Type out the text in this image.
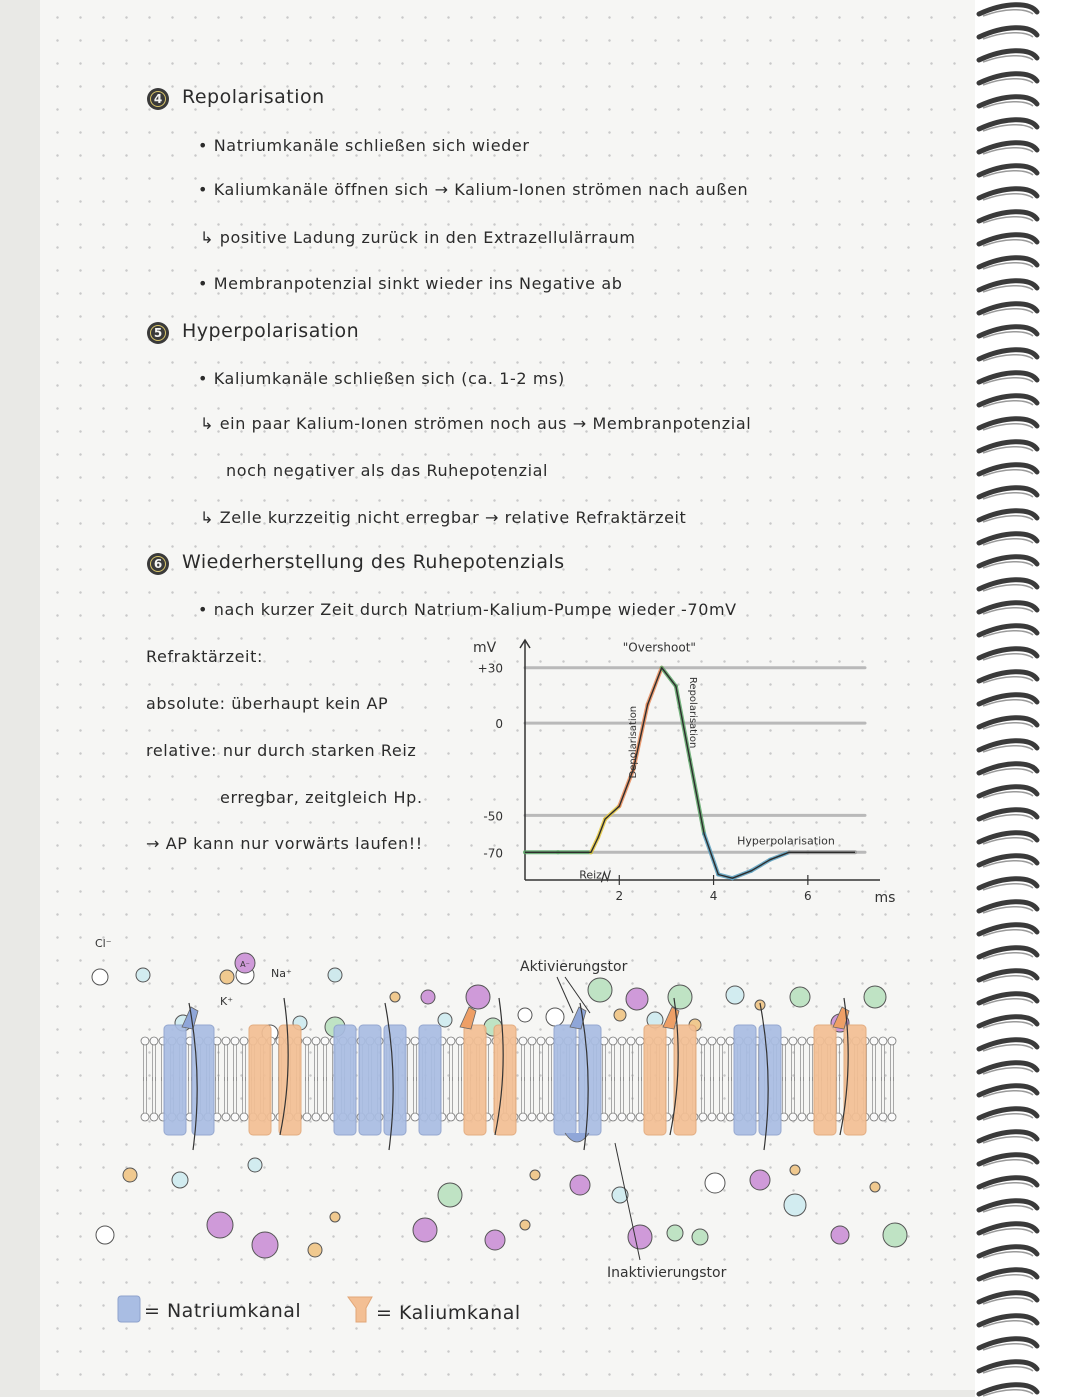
4 Repolarisation
• Natriumkanäle schließen sich wieder
• Kaliumkanäle öffnen sich → Kalium-Ionen strömen nach außen
↳ positive Ladung zurück in den Extrazellulärraum
• Membranpotenzial sinkt wieder ins Negative ab
5 Hyperpolarisation
• Kaliumkanäle schließen sich (ca. 1-2 ms)
↳ ein paar Kalium-Ionen strömen noch aus → Membranpotenzial
noch negativer als das Ruhepotenzial
↳ Zelle kurzzeitig nicht erregbar → relative Refraktärzeit
6 Wiederherstellung des Ruhepotenzials
• nach kurzer Zeit durch Natrium-Kalium-Pumpe wieder -70mV
Refraktärzeit:
absolute: überhaupt kein AP
relative: nur durch starken Reiz
erregbar, zeitgleich Hp.
→ AP kann nur vorwärts laufen!!
+30
0
-50
-70
mV
2	4	6	ms
"Overshoot"
Depolarisation	Repolarisation
Hyperpolarisation
Reiz
Cl⁻
A⁻
Na⁺
K⁺
Aktivierungstor
Inaktivierungstor
= Natriumkanal	= Kaliumkanal
